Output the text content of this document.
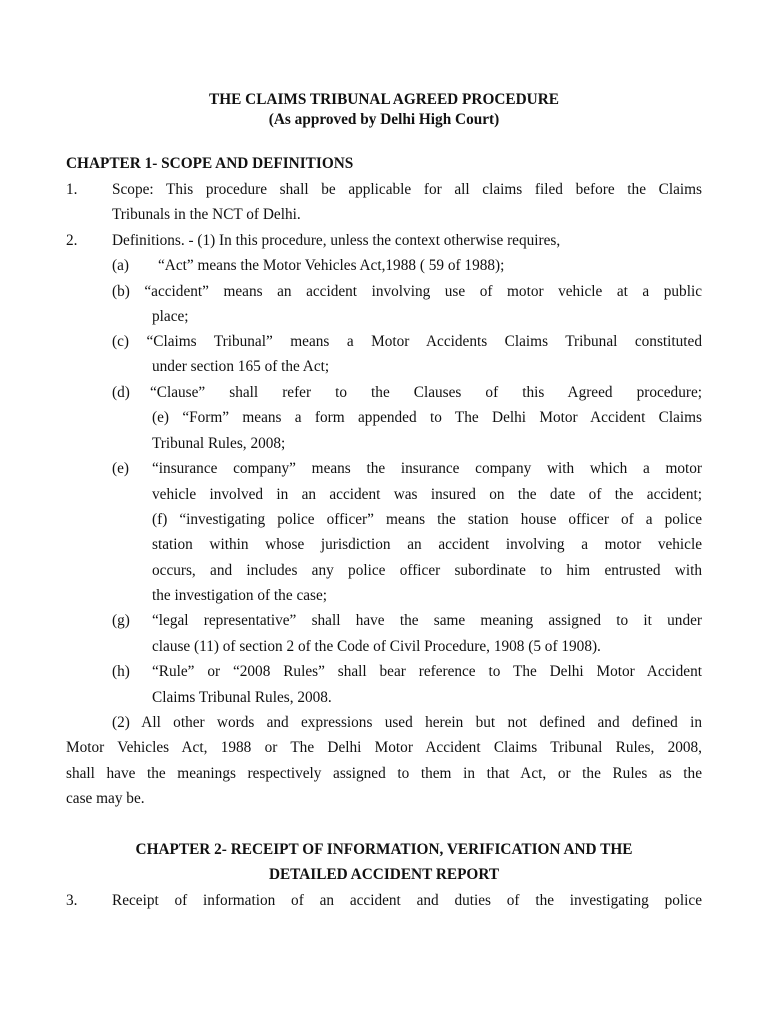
THE CLAIMS TRIBUNAL AGREED PROCEDURE
(As approved by Delhi High Court)
CHAPTER 1- SCOPE AND DEFINITIONS
1. Scope: This procedure shall be applicable for all claims filed before the Claims
Tribunals in the NCT of Delhi.
2. Definitions. - (1) In this procedure, unless the context otherwise requires,
(a) “Act” means the Motor Vehicles Act,1988 ( 59 of 1988);
(b) “accident” means an accident involving use of motor vehicle at a public
place;
(c) “Claims Tribunal” means a Motor Accidents Claims Tribunal constituted
under section 165 of the Act;
(d) “Clause” shall refer to the Clauses of this Agreed procedure;
(e) “Form” means a form appended to The Delhi Motor Accident Claims
Tribunal Rules, 2008;
(e) “insurance company” means the insurance company with which a motor
vehicle involved in an accident was insured on the date of the accident;
(f) “investigating police officer” means the station house officer of a police
station within whose jurisdiction an accident involving a motor vehicle
occurs, and includes any police officer subordinate to him entrusted with
the investigation of the case;
(g) “legal representative” shall have the same meaning assigned to it under
clause (11) of section 2 of the Code of Civil Procedure, 1908 (5 of 1908).
(h) “Rule” or “2008 Rules” shall bear reference to The Delhi Motor Accident
Claims Tribunal Rules, 2008.
(2) All other words and expressions used herein but not defined and defined in
Motor Vehicles Act, 1988 or The Delhi Motor Accident Claims Tribunal Rules, 2008,
shall have the meanings respectively assigned to them in that Act, or the Rules as the
case may be.
CHAPTER 2- RECEIPT OF INFORMATION, VERIFICATION AND THE
DETAILED ACCIDENT REPORT
3. Receipt of information of an accident and duties of the investigating police
